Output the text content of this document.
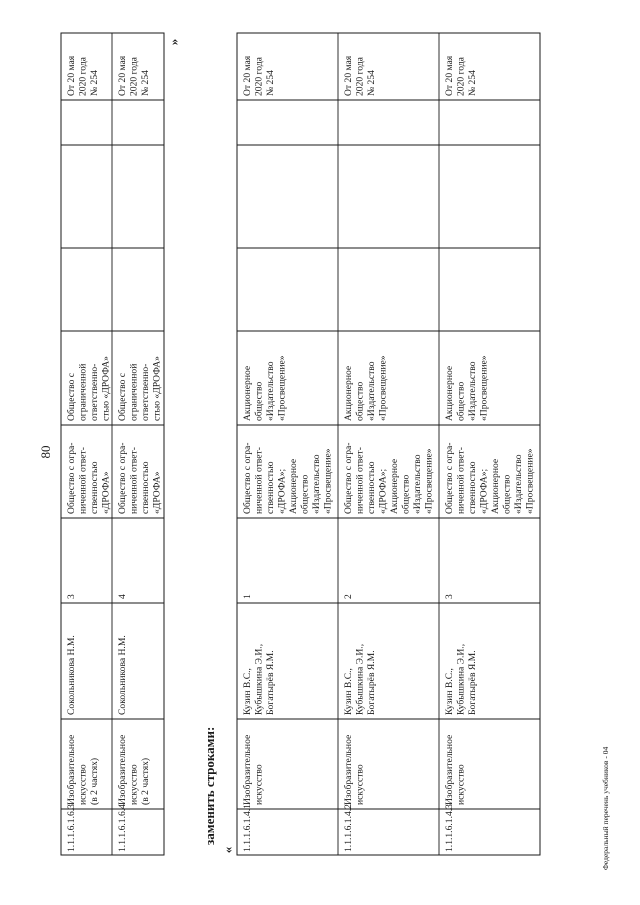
80
1.1.1.6.1.6.3
Изобразительное искусство (в 2 частях)
Сокольникова Н.М.
3
Общество с огра- ниченной ответ- ственностью «ДРОФА»
Общество с ограниченной ответственно- стью «ДРОФА»
От 20 мая 2020 года № 254
1.1.1.6.1.6.4
Изобразительное искусство (в 2 частях)
Сокольникова Н.М.
4
Общество с огра- ниченной ответ- ственностью «ДРОФА»
Общество с ограниченной ответственно- стью «ДРОФА»
От 20 мая 2020 года № 254
»
заменить строками:
« 1.1.1.6.1.4.1
Изобразительное искусство
Кузин В.С., Кубышкина Э.И., Богатырёв Я.М.
1
Общество с огра- ниченной ответ- ственностью «ДРОФА»; Акционерное общество «Издательство «Просвещение»
Акционерное общество «Издательство «Просвещение»
От 20 мая 2020 года № 254
1.1.1.6.1.4.2
Изобразительное искусство
Кузин В.С., Кубышкина Э.И., Богатырёв Я.М.
2
Общество с огра- ниченной ответ- ственностью «ДРОФА»; Акционерное общество «Издательство «Просвещение»
Акционерное общество «Издательство «Просвещение»
От 20 мая 2020 года № 254
1.1.1.6.1.4.3
Изобразительное искусство
Кузин В.С., Кубышкина Э.И., Богатырёв Я.М.
3
Общество с огра- ниченной ответ- ственностью «ДРОФА»; Акционерное общество «Издательство «Просвещение»
Акционерное общество «Издательство «Просвещение»
От 20 мая 2020 года № 254
Федеральный перечень учебников - 04
